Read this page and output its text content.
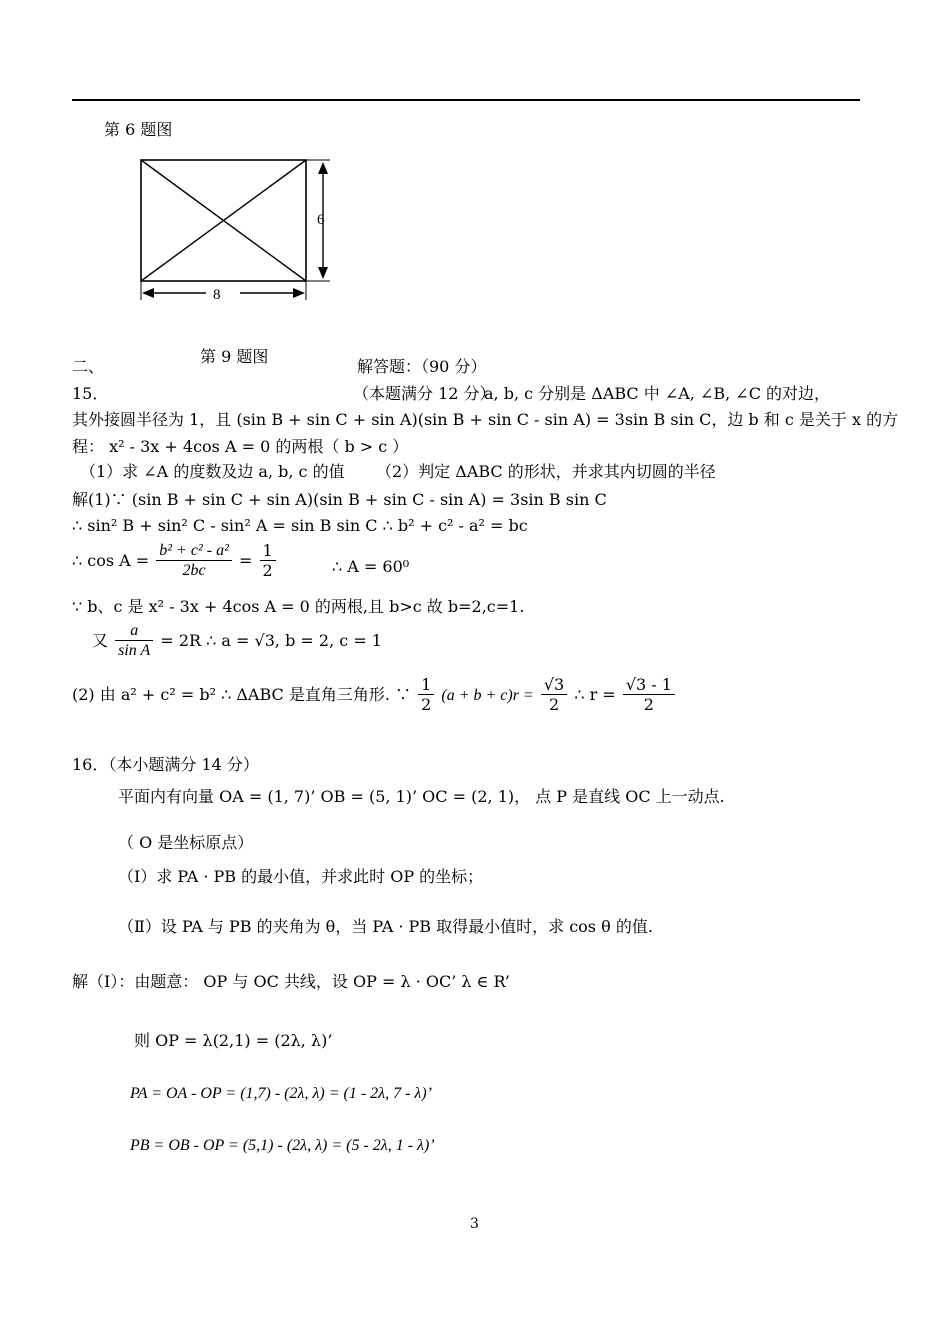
第 6 题图
8
6
第 9 题图
二、	解答题：（90 分）
15．	（本题满分 12 分）
a, b, c 分别是 ΔABC 中 ∠A, ∠B, ∠C 的对边，
其外接圆半径为 1，且 (sin B + sin C + sin A)(sin B + sin C - sin A) = 3sin B sin C，边 b 和 c 是关于 x 的方
程： x² - 3x + 4cos A = 0 的两根（ b > c ）
（1）求 ∠A 的度数及边 a, b, c 的值 （2）判定 ΔABC 的形状，并求其内切圆的半径
解(1)∵ (sin B + sin C + sin A)(sin B + sin C - sin A) = 3sin B sin C
∴ sin² B + sin² C - sin² A = sin B sin C ∴ b² + c² - a² = bc
∴ $\cos A = \frac{\text{b² + c² - a²}}{2bc} = \frac{1}{2}$	∴ A = 60⁰
∵ b、c 是 x² - 3x + 4cos A = 0 的两根,且 b>c 故 b=2,c=1.
又 $\frac{a}{\text{sin A}} = 2R$ ∴ a = √3, b = 2, c = 1
(2) 由 a² + c² = b² ∴ ΔABC 是直角三角形. ∵ $\frac{1}{2} (a + b + c)r = \frac{√3}{2}$ ∴ $r = \frac{√3 - 1}{2}$
16．（本小题满分 14 分）
平面内有向量 OA = (1, 7)’ OB = (5, 1)’ OC = (2, 1)， 点 P 是直线 OC 上一动点.
（ O 是坐标原点）
（Ⅰ）求 PA · PB 的最小值，并求此时 OP 的坐标；
（Ⅱ）设 PA 与 PB 的夹角为 θ，当 PA · PB 取得最小值时，求 cos θ 的值.
解（Ⅰ）：由题意： OP 与 OC 共线，设 OP = λ · OC’ λ ∈ R’
则 OP = λ(2,1) = (2λ, λ)’
PA = OA - OP = (1,7) - (2λ, λ) = (1 - 2λ, 7 - λ)’
PB = OB - OP = (5,1) - (2λ, λ) = (5 - 2λ, 1 - λ)’
3
